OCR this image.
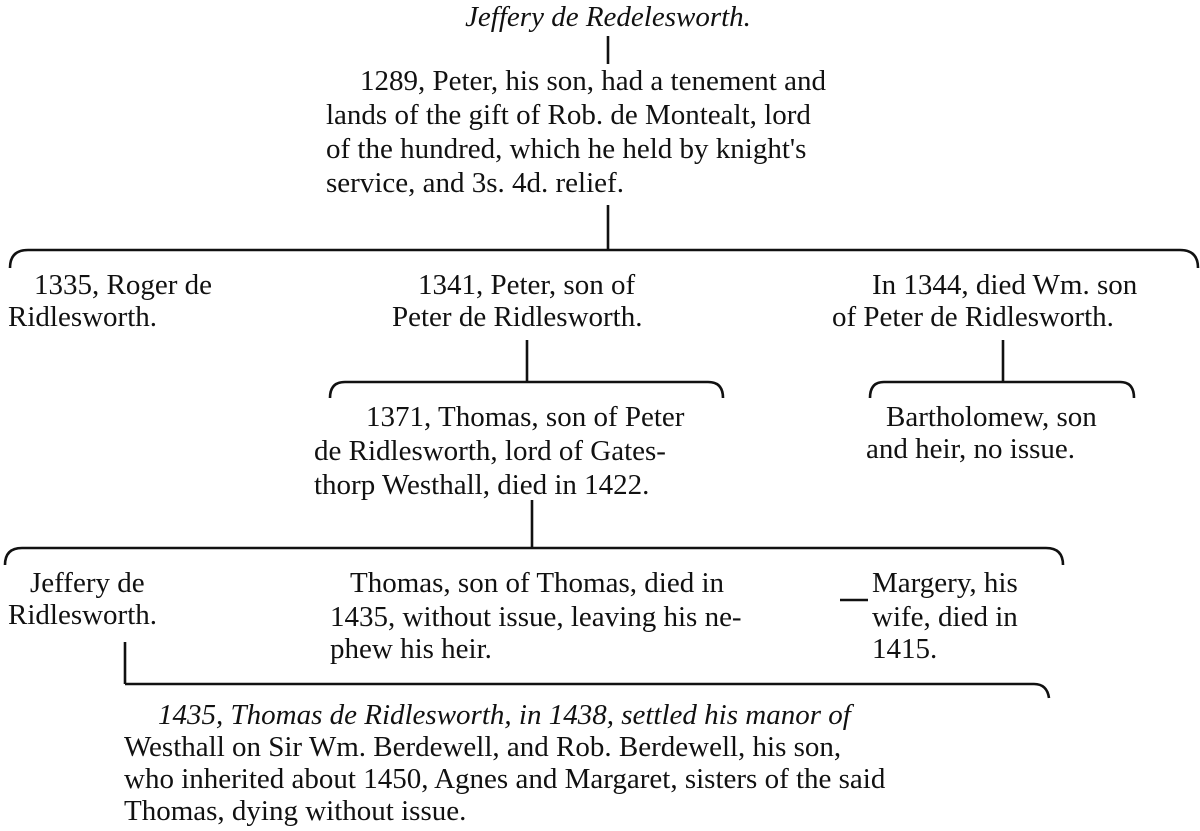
Jeffery de Redelesworth.

1289, Peter, his son, had a tenement and

lands of the gift of Rob. de Montealt, lord

of the hundred, which he held by knight's

service, and 3s. 4d. relief.

1335, Roger de

Ridlesworth.

1341, Peter, son of

Peter de Ridlesworth.

In 1344, died Wm. son

of Peter de Ridlesworth.

1371, Thomas, son of Peter

de Ridlesworth, lord of Gates-

thorp Westhall, died in 1422.

Bartholomew, son

and heir, no issue.

Jeffery de

Ridlesworth.

Thomas, son of Thomas, died in

1435, without issue, leaving his ne-

phew his heir.

Margery, his

wife, died in

1415.

1435, Thomas de Ridlesworth, in 1438, settled his manor of

Westhall on Sir Wm. Berdewell, and Rob. Berdewell, his son,

who inherited about 1450, Agnes and Margaret, sisters of the said

Thomas, dying without issue.
